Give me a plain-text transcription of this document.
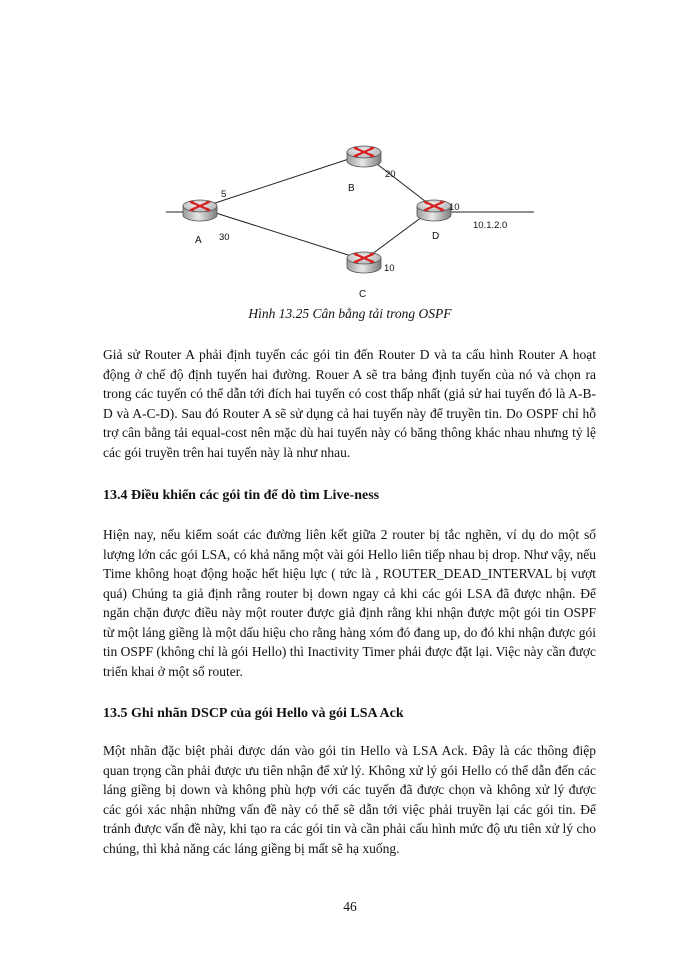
A
B
C
D
5
30
20
10
10
10.1.2.0
Hình 13.25 Cân bằng tải trong OSPF

Giả sử Router A phải định tuyến các gói tin đến Router D và ta cấu hình Router A hoạt động ở chế độ định tuyến hai đường. Rouer A sẽ tra bảng định tuyến của nó và chọn ra trong các tuyến có thể dẫn tới đích hai tuyến có cost thấp nhất (giả sử hai tuyến đó là A-B-D và A-C-D). Sau đó Router A sẽ sử dụng cả hai tuyến này để truyền tin. Do OSPF chỉ hỗ trợ cân bằng tải equal-cost nên mặc dù hai tuyến này có băng thông khác nhau nhưng tỷ lệ các gói truyền trên hai tuyến này là như nhau.

13.4 Điều khiển các gói tin để dò tìm Live-ness

Hiện nay, nếu kiểm soát các đường liên kết giữa 2 router bị tắc nghẽn, ví dụ do một số lượng lớn các gói LSA, có khả năng một vài gói Hello liên tiếp nhau bị drop. Như vậy, nếu Time không hoạt động hoặc hết hiệu lực ( tức là , ROUTER_DEAD_INTERVAL bị vượt quá) Chúng ta giả định rằng router bị down ngay cả khi các gói LSA đã được nhận. Để ngăn chặn được điều này một router được giả định rằng khi nhận được một gói tin OSPF từ một láng giềng là một dấu hiệu cho rằng hàng xóm đó đang up, do đó khi nhận được gói tin OSPF (không chỉ là gói Hello) thì Inactivity Timer phải được đặt lại. Việc này cần được triển khai ở một số router.

13.5 Ghi nhãn DSCP của gói Hello và gói LSA Ack

Một nhãn đặc biệt phải được dán vào gói tin Hello và LSA Ack. Đây là các thông điệp quan trọng cần phải được ưu tiên nhận để xử lý. Không xử lý gói Hello có thể dẫn đến các láng giềng bị down và không phù hợp với các tuyến đã được chọn và không xử lý được các gói xác nhận những vấn đề này có thể sẽ dẫn tới việc phải truyền lại các gói tin. Để tránh được vấn đề này, khi tạo ra các gói tin và cần phải cấu hình mức độ ưu tiên xử lý cho chúng, thì khả năng các láng giềng bị mất sẽ hạ xuống.

46
